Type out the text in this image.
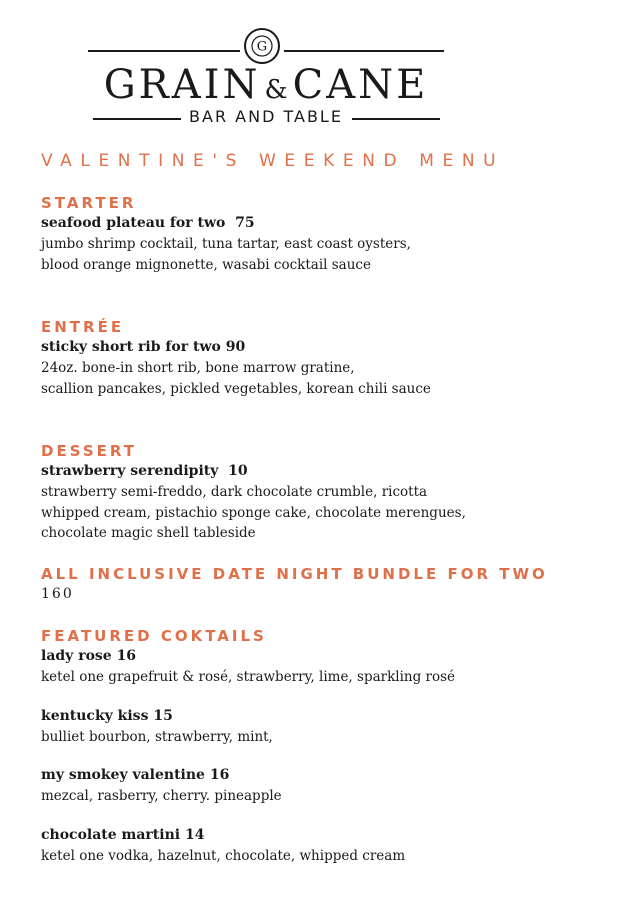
G
GRAIN & CANE
BAR AND TABLE
VALENTINE'S WEEKEND MENU
STARTER
seafood plateau for two  75
jumbo shrimp cocktail, tuna tartar, east coast oysters,
blood orange mignonette, wasabi cocktail sauce
ENTRÉE
sticky short rib for two 90
24oz. bone-in short rib, bone marrow gratine,
scallion pancakes, pickled vegetables, korean chili sauce
DESSERT
strawberry serendipity  10
strawberry semi-freddo, dark chocolate crumble, ricotta
whipped cream, pistachio sponge cake, chocolate merengues,
chocolate magic shell tableside
ALL INCLUSIVE DATE NIGHT BUNDLE FOR TWO
160
FEATURED COKTAILS
lady rose 16
ketel one grapefruit & rosé, strawberry, lime, sparkling rosé
kentucky kiss 15
bulliet bourbon, strawberry, mint,
my smokey valentine 16
mezcal, rasberry, cherry. pineapple
chocolate martini 14
ketel one vodka, hazelnut, chocolate, whipped cream
